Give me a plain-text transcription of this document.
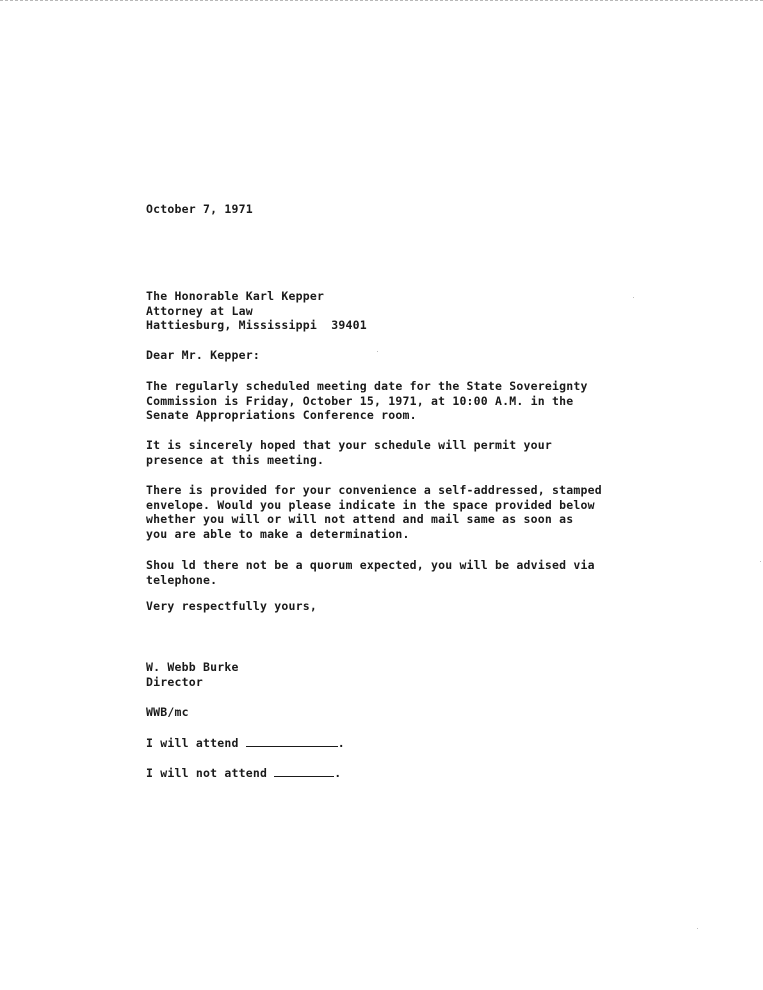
October 7, 1971
The Honorable Karl Kepper
Attorney at Law
Hattiesburg, Mississippi  39401
Dear Mr. Kepper:
The regularly scheduled meeting date for the State Sovereignty
Commission is Friday, October 15, 1971, at 10:00 A.M. in the
Senate Appropriations Conference room.
It is sincerely hoped that your schedule will permit your
presence at this meeting.
There is provided for your convenience a self-addressed, stamped
envelope. Would you please indicate in the space provided below
whether you will or will not attend and mail same as soon as
you are able to make a determination.
Shou ld there not be a quorum expected, you will be advised via
telephone.
Very respectfully yours,
W. Webb Burke
Director
WWB/mc
I will attend	.
I will not attend	.
